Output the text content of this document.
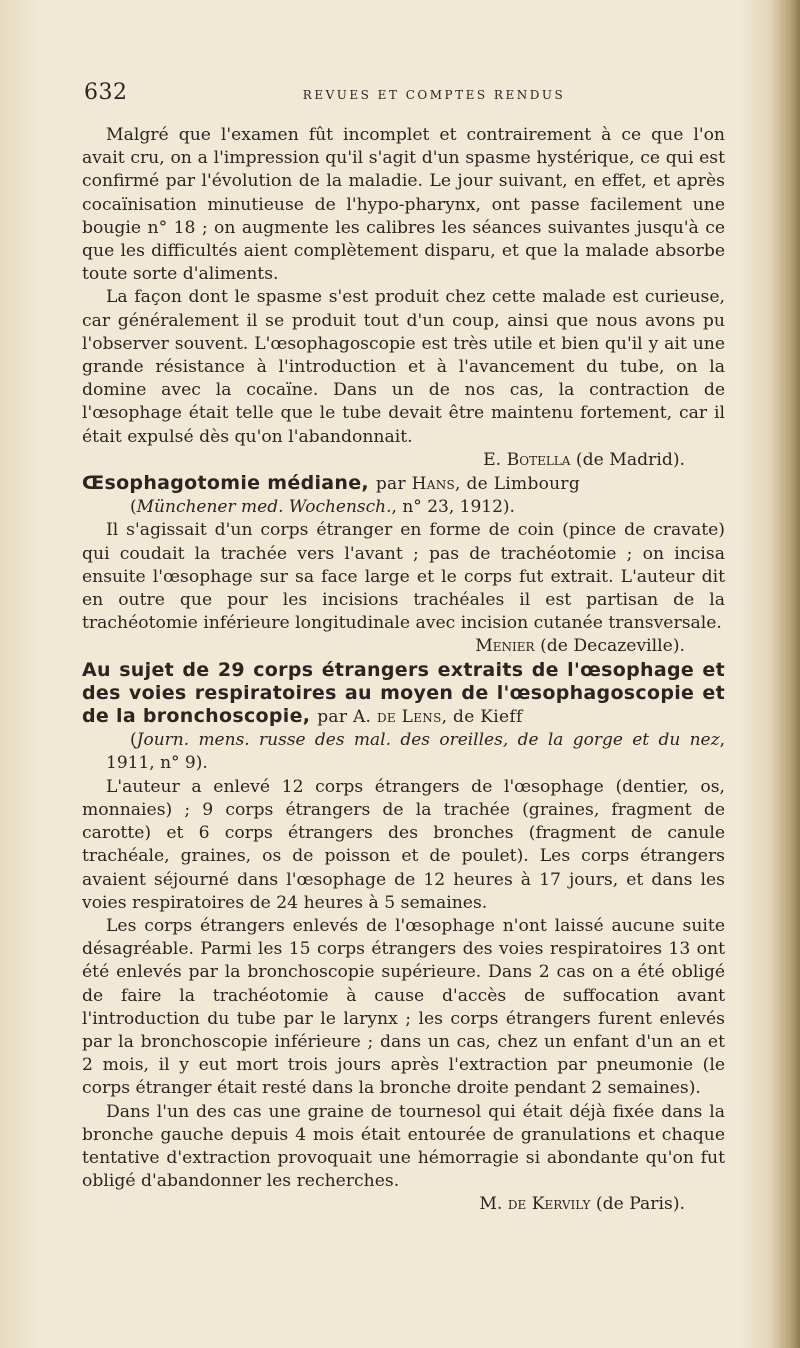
632	REVUES ET COMPTES RENDUS

Malgré que l'examen fût incomplet et contrairement à ce que l'on avait cru, on a l'impression qu'il s'agit d'un spasme hystérique, ce qui est confirmé par l'évolution de la maladie. Le jour suivant, en effet, et après cocaïnisation minutieuse de l'hypo-pharynx, ont passe facilement une bougie n° 18 ; on augmente les calibres les séances suivantes jusqu'à ce que les difficultés aient complètement disparu, et que la malade absorbe toute sorte d'aliments.

La façon dont le spasme s'est produit chez cette malade est curieuse, car généralement il se produit tout d'un coup, ainsi que nous avons pu l'observer souvent. L'œsophagoscopie est très utile et bien qu'il y ait une grande résistance à l'introduction et à l'avancement du tube, on la domine avec la cocaïne. Dans un de nos cas, la contraction de l'œsophage était telle que le tube devait être maintenu fortement, car il était expulsé dès qu'on l'abandonnait.

E. Botella (de Madrid).

Œsophagotomie médiane, par Hans, de Limbourg

(Münchener med. Wochensch., n° 23, 1912).

Il s'agissait d'un corps étranger en forme de coin (pince de cravate) qui coudait la trachée vers l'avant ; pas de trachéotomie ; on incisa ensuite l'œsophage sur sa face large et le corps fut extrait. L'auteur dit en outre que pour les incisions trachéales il est partisan de la trachéotomie inférieure longitudinale avec incision cutanée transversale.

Menier (de Decazeville).

Au sujet de 29 corps étrangers extraits de l'œsophage et des voies respiratoires au moyen de l'œsophagoscopie et de la bronchoscopie, par A. de Lens, de Kieff

(Journ. mens. russe des mal. des oreilles, de la gorge et du nez, 1911, n° 9).

L'auteur a enlevé 12 corps étrangers de l'œsophage (dentier, os, monnaies) ; 9 corps étrangers de la trachée (graines, fragment de carotte) et 6 corps étrangers des bronches (fragment de canule trachéale, graines, os de poisson et de poulet). Les corps étrangers avaient séjourné dans l'œsophage de 12 heures à 17 jours, et dans les voies respiratoires de 24 heures à 5 semaines.

Les corps étrangers enlevés de l'œsophage n'ont laissé aucune suite désagréable. Parmi les 15 corps étrangers des voies respiratoires 13 ont été enlevés par la bronchoscopie supérieure. Dans 2 cas on a été obligé de faire la trachéotomie à cause d'accès de suffocation avant l'introduction du tube par le larynx ; les corps étrangers furent enlevés par la bronchoscopie inférieure ; dans un cas, chez un enfant d'un an et 2 mois, il y eut mort trois jours après l'extraction par pneumonie (le corps étranger était resté dans la bronche droite pendant 2 semaines).

Dans l'un des cas une graine de tournesol qui était déjà fixée dans la bronche gauche depuis 4 mois était entourée de granulations et chaque tentative d'extraction provoquait une hémorragie si abondante qu'on fut obligé d'abandonner les recherches.

M. de Kervily (de Paris).
